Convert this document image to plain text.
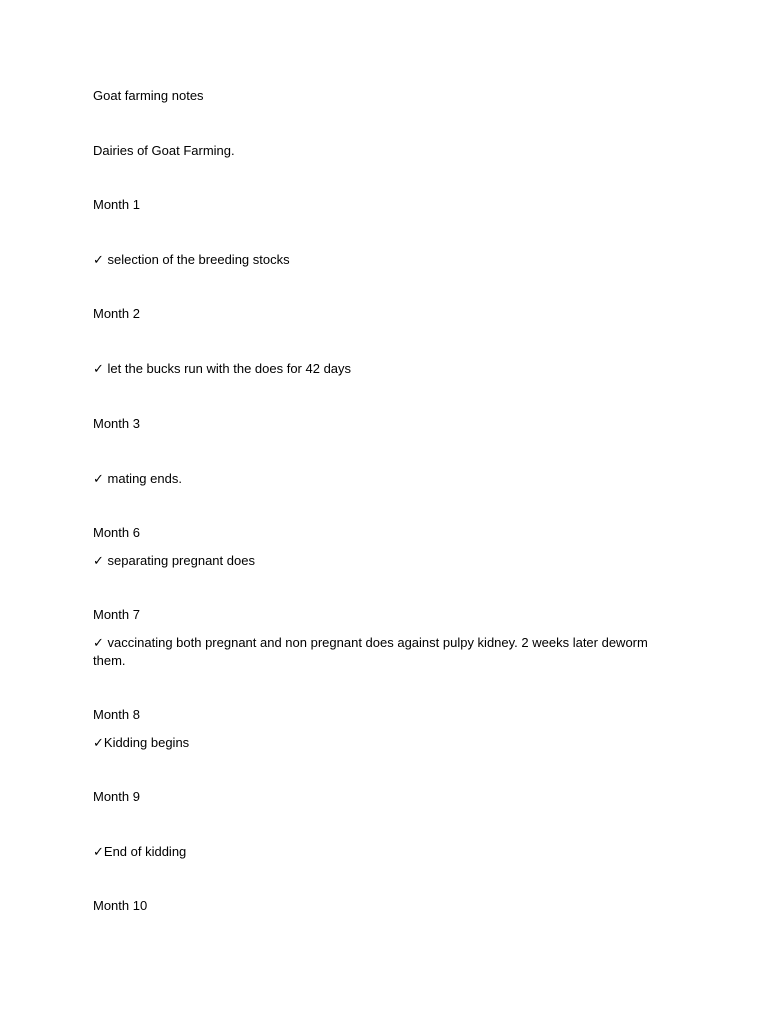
Goat farming notes
Dairies of Goat Farming.
Month 1
✓ selection of the breeding stocks
Month 2
✓ let the bucks run with the does for 42 days
Month 3
✓ mating ends.
Month 6
✓ separating pregnant does
Month 7
✓ vaccinating both pregnant and non pregnant does against pulpy kidney. 2 weeks later deworm them.
Month 8
✓Kidding begins
Month 9
✓End of kidding
Month 10
